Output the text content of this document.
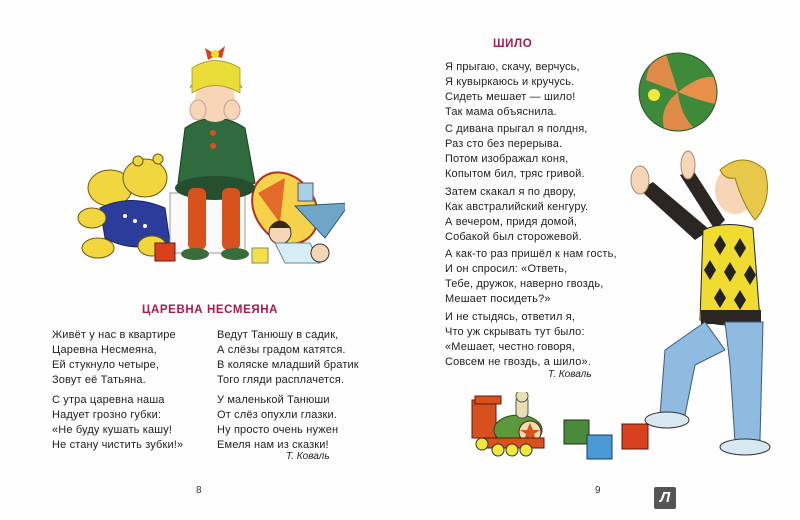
ЦАРЕВНА НЕСМЕЯНА
Живёт у нас в квартире
Царевна Несмеяна,
Ей стукнуло четыре,
Зовут её Татьяна.
С утра царевна наша
Надует грозно губки:
«Не буду кушать кашу!
Не стану чистить зубки!»
Ведут Танюшу в садик,
А слёзы градом катятся.
В коляске младший братик
Того гляди расплачется.
У маленькой Танюши
От слёз опухли глазки.
Ну просто очень нужен
Емеля нам из сказки!
Т. Коваль
8
ШИЛО
Я прыгаю, скачу, верчусь,
Я кувыркаюсь и кручусь.
Сидеть мешает — шило!
Так мама объяснила.
С дивана прыгал я полдня,
Раз сто без перерыва.
Потом изображал коня,
Копытом бил, тряс гривой.
Затем скакал я по двору,
Как австралийский кенгуру.
А вечером, придя домой,
Собакой был сторожевой.
А как-то раз пришёл к нам гость,
И он спросил: «Ответь,
Тебе, дружок, наверно гвоздь,
Мешает посидеть?»
И не стыдясь, ответил я,
Что уж скрывать тут было:
«Мешает, честно говоря,
Совсем не гвоздь, а шило».
Т. Коваль
9	Л
